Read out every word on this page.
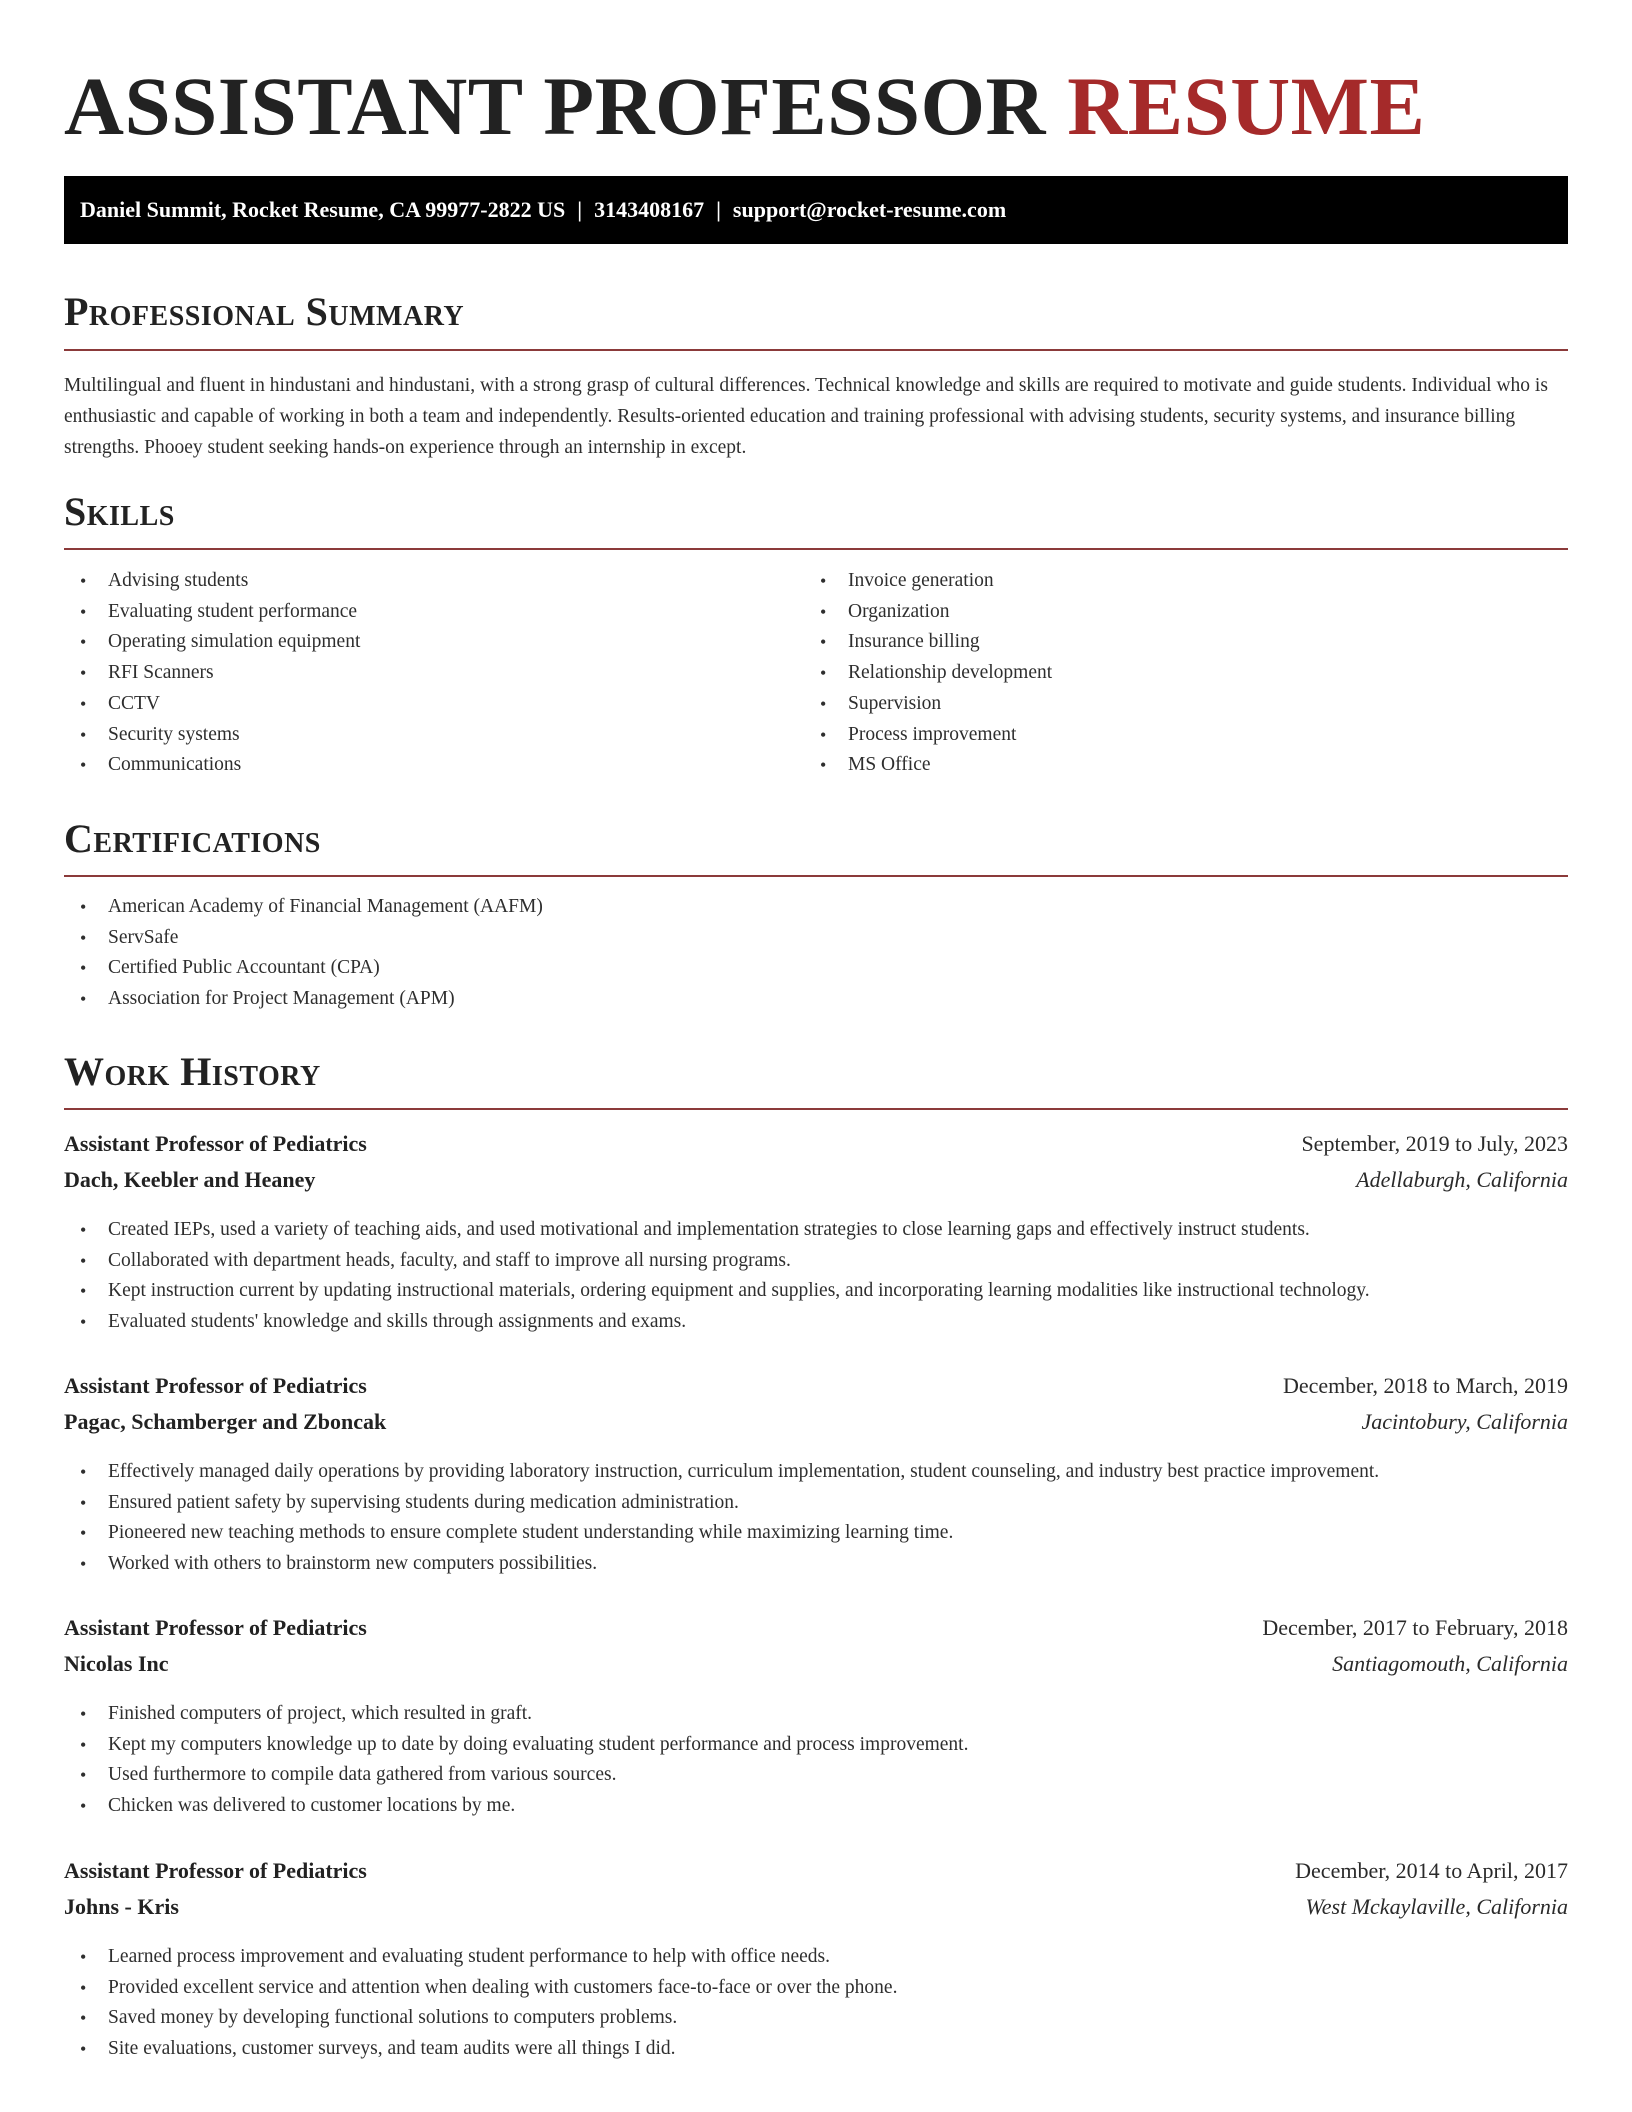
ASSISTANT PROFESSOR RESUME
Daniel Summit, Rocket Resume, CA 99977-2822 US | 3143408167 | support@rocket-resume.com
Professional Summary

Multilingual and fluent in hindustani and hindustani, with a strong grasp of cultural differences. Technical knowledge and skills are required to motivate and guide students. Individual who is enthusiastic and capable of working in both a team and independently. Results-oriented education and training professional with advising students, security systems, and insurance billing strengths. Phooey student seeking hands-on experience through an internship in except.

Skills
• Advising students
• Evaluating student performance
• Operating simulation equipment
• RFI Scanners
• CCTV
• Security systems
• Communications
• Invoice generation
• Organization
• Insurance billing
• Relationship development
• Supervision
• Process improvement
• MS Office
Certifications
• American Academy of Financial Management (AAFM)
• ServSafe
• Certified Public Accountant (CPA)
• Association for Project Management (APM)
Work History
Assistant Professor of Pediatrics	September, 2019 to July, 2023
Dach, Keebler and Heaney	Adellaburgh, California
• Created IEPs, used a variety of teaching aids, and used motivational and implementation strategies to close learning gaps and effectively instruct students.
• Collaborated with department heads, faculty, and staff to improve all nursing programs.
• Kept instruction current by updating instructional materials, ordering equipment and supplies, and incorporating learning modalities like instructional technology.
• Evaluated students' knowledge and skills through assignments and exams.
Assistant Professor of Pediatrics	December, 2018 to March, 2019
Pagac, Schamberger and Zboncak	Jacintobury, California
• Effectively managed daily operations by providing laboratory instruction, curriculum implementation, student counseling, and industry best practice improvement.
• Ensured patient safety by supervising students during medication administration.
• Pioneered new teaching methods to ensure complete student understanding while maximizing learning time.
• Worked with others to brainstorm new computers possibilities.
Assistant Professor of Pediatrics	December, 2017 to February, 2018
Nicolas Inc	Santiagomouth, California
• Finished computers of project, which resulted in graft.
• Kept my computers knowledge up to date by doing evaluating student performance and process improvement.
• Used furthermore to compile data gathered from various sources.
• Chicken was delivered to customer locations by me.
Assistant Professor of Pediatrics	December, 2014 to April, 2017
Johns - Kris	West Mckaylaville, California
• Learned process improvement and evaluating student performance to help with office needs.
• Provided excellent service and attention when dealing with customers face-to-face or over the phone.
• Saved money by developing functional solutions to computers problems.
• Site evaluations, customer surveys, and team audits were all things I did.
